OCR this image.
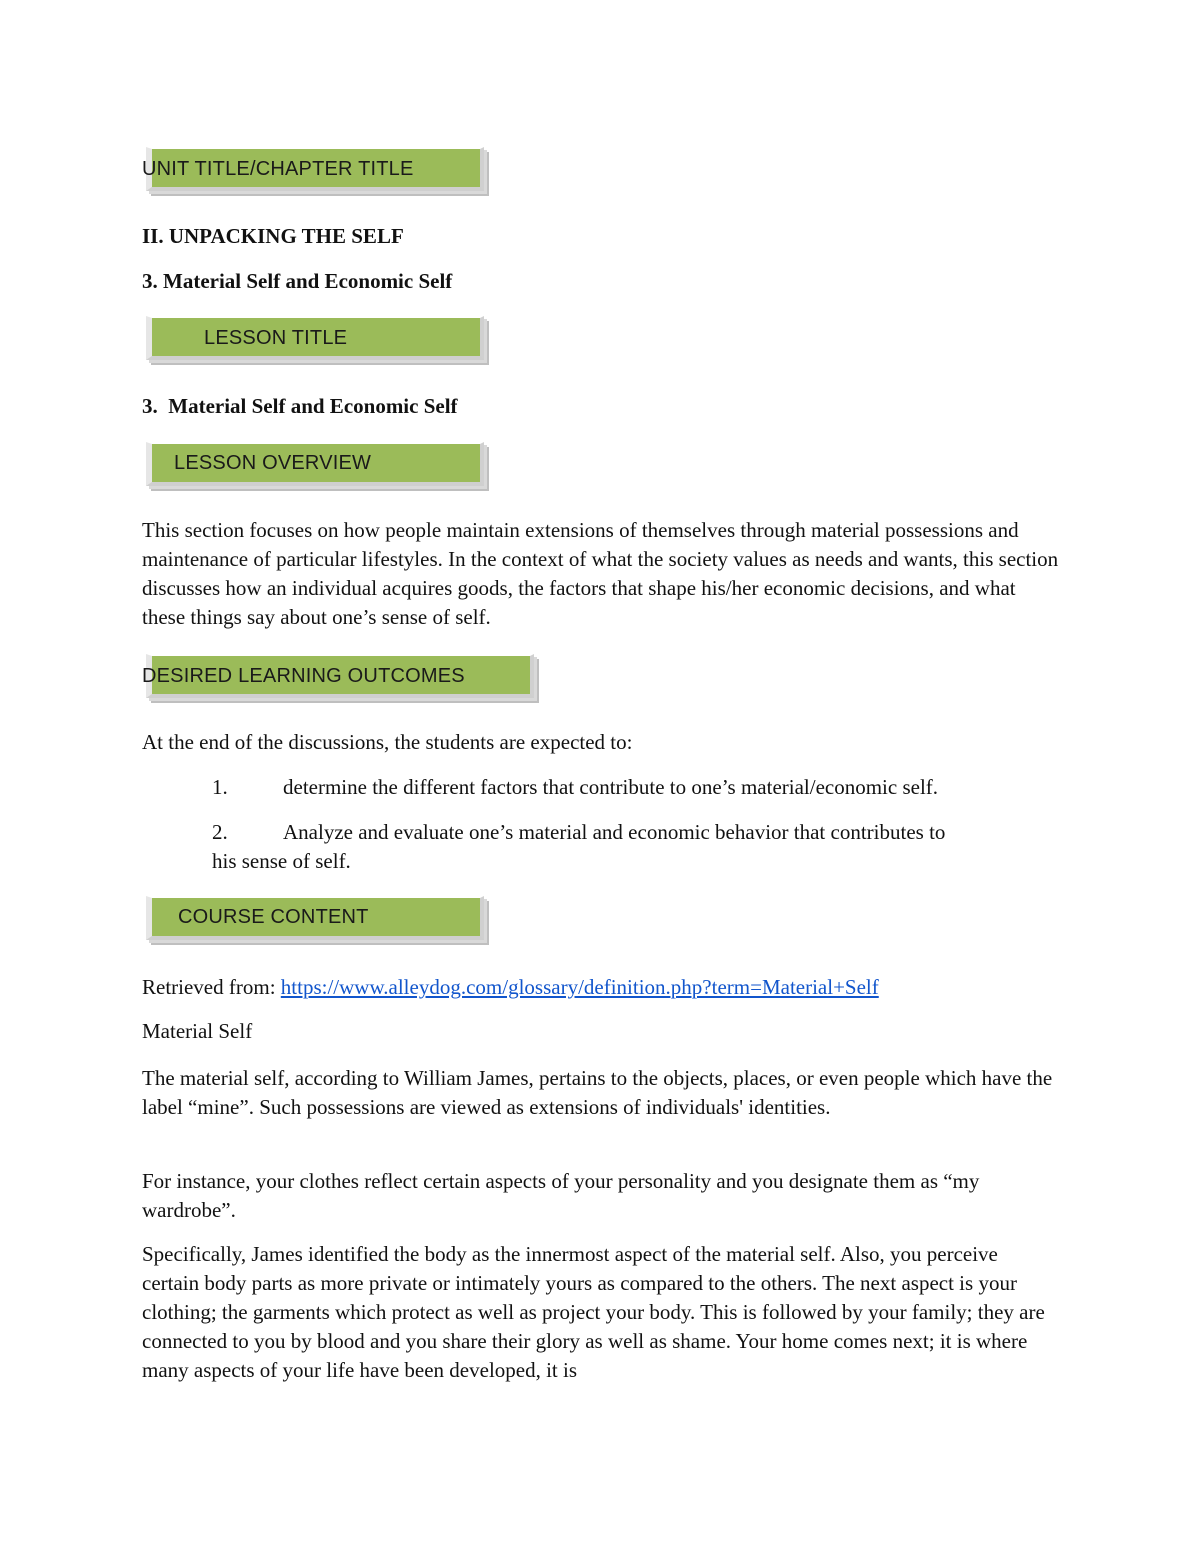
UNIT TITLE/CHAPTER TITLE
II. UNPACKING THE SELF
3. Material Self and Economic Self
LESSON TITLE
3.  Material Self and Economic Self
LESSON OVERVIEW

This section focuses on how people maintain extensions of themselves through material possessions and maintenance of particular lifestyles. In the context of what the society values as needs and wants, this section discusses how an individual acquires goods, the factors that shape his/her economic decisions, and what these things say about one’s sense of self.

DESIRED LEARNING OUTCOMES
At the end of the discussions, the students are expected to:
1.	determine the different factors that contribute to one’s material/economic self.
2.	Analyze and evaluate one’s material and economic behavior that contributes to
his sense of self.
COURSE CONTENT
Retrieved from: https://www.alleydog.com/glossary/definition.php?term=Material+Self
Material Self

The material self, according to William James, pertains to the objects, places, or even people which have the label “mine”. Such possessions are viewed as extensions of individuals' identities.

For instance, your clothes reflect certain aspects of your personality and you designate them as “my wardrobe”.

Specifically, James identified the body as the innermost aspect of the material self. Also, you perceive certain body parts as more private or intimately yours as compared to the others. The next aspect is your clothing; the garments which protect as well as project your body. This is followed by your family; they are connected to you by blood and you share their glory as well as shame. Your home comes next; it is where many aspects of your life have been developed, it is
